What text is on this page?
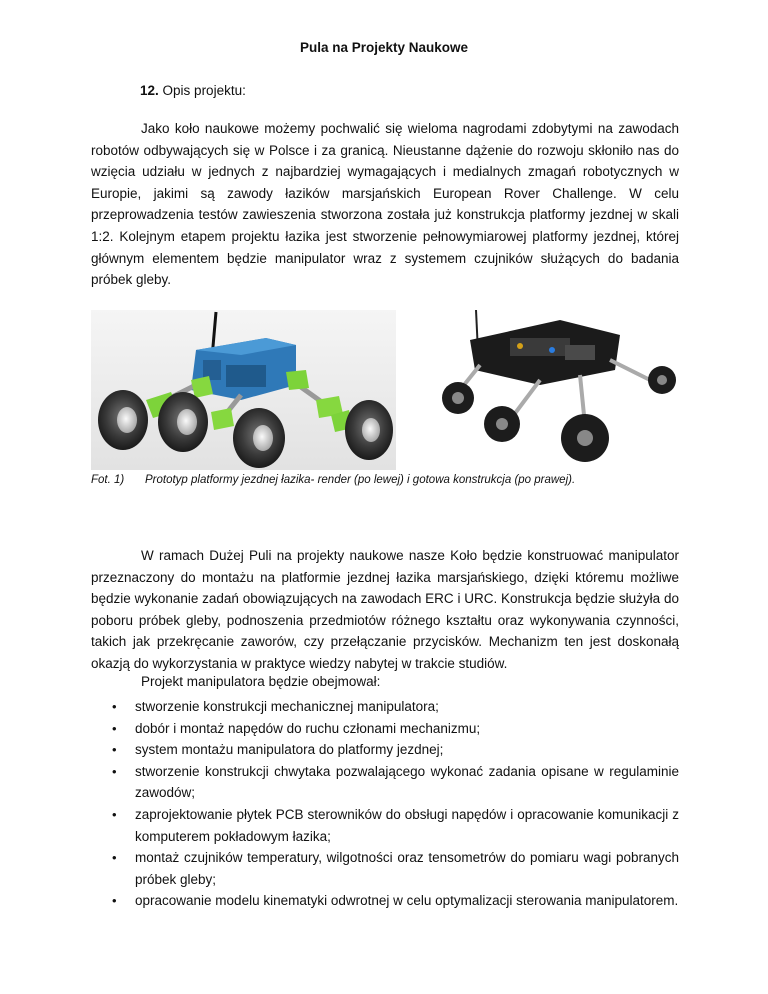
Pula na Projekty Naukowe
12. Opis projektu:
Jako koło naukowe możemy pochwalić się wieloma nagrodami zdobytymi na zawodach robotów odbywających się w Polsce i za granicą. Nieustanne dążenie do rozwoju skłoniło nas do wzięcia udziału w jednych z najbardziej wymagających i medialnych zmagań robotycznych w Europie, jakimi są zawody łazików marsjańskich European Rover Challenge. W celu przeprowadzenia testów zawieszenia stworzona została już konstrukcja platformy jezdnej w skali 1:2. Kolejnym etapem projektu łazika jest stworzenie pełnowymiarowej platformy jezdnej, której głównym elementem będzie manipulator wraz z systemem czujników służących do badania próbek gleby.
Fot. 1) Prototyp platformy jezdnej łazika- render (po lewej) i gotowa konstrukcja (po prawej).
W ramach Dużej Puli na projekty naukowe nasze Koło będzie konstruować manipulator przeznaczony do montażu na platformie jezdnej łazika marsjańskiego, dzięki któremu możliwe będzie wykonanie zadań obowiązujących na zawodach ERC i URC. Konstrukcja będzie służyła do poboru próbek gleby, podnoszenia przedmiotów różnego kształtu oraz wykonywania czynności, takich jak przekręcanie zaworów, czy przełączanie przycisków. Mechanizm ten jest doskonałą okazją do wykorzystania w praktyce wiedzy nabytej w trakcie studiów.
Projekt manipulatora będzie obejmował:
• stworzenie konstrukcji mechanicznej manipulatora;
• dobór i montaż napędów do ruchu członami mechanizmu;
• system montażu manipulatora do platformy jezdnej;
• stworzenie konstrukcji chwytaka pozwalającego wykonać zadania opisane w regulaminie zawodów;
• zaprojektowanie płytek PCB sterowników do obsługi napędów i opracowanie komunikacji z komputerem pokładowym łazika;
• montaż czujników temperatury, wilgotności oraz tensometrów do pomiaru wagi pobranych próbek gleby;
• opracowanie modelu kinematyki odwrotnej w celu optymalizacji sterowania manipulatorem.
